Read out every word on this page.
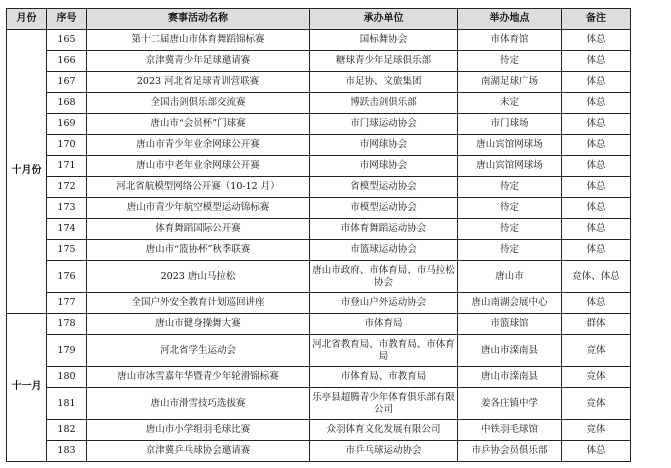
月份	序号	赛事活动名称	承办单位	举办地点	备注
十月份	165	第十二届唐山市体育舞蹈锦标赛	国标舞协会	市体育馆	体总
	166	京津冀青少年足球邀请赛	糖球青少年足球俱乐部	待定	体总
	167	2023 河北省足球青训营联赛	市足协、文旅集团	南湖足球广场	体总
	168	全国击剑俱乐部交流赛	博跃击剑俱乐部	未定	体总
	169	唐山市“会员杯”门球赛	市门球运动协会	市门球场	体总
	170	唐山市青少年业余网球公开赛	市网球协会	唐山宾馆网球场	体总
	171	唐山市中老年业余网球公开赛	市网球协会	唐山宾馆网球场	体总
	172	河北省航模型网络公开赛（10-12 月）	省模型运动协会	待定	体总
	173	唐山市青少年航空模型运动锦标赛	市模型运动协会	待定	体总
	174	体育舞蹈国际公开赛	市体育舞蹈运动协会	待定	体总
	175	唐山市“篮协杯”秋季联赛	市篮球运动协会	待定	体总
	176	2023 唐山马拉松	唐山市政府、市体育局、市马拉松协会	唐山市	竞体、体总
	177	全国户外安全教育计划巡回讲座	市登山户外运动协会	唐山南湖会展中心	体总
十一月	178	唐山市健身操舞大赛	市体育局	市篮球馆	群体
	179	河北省学生运动会	河北省教育局、市教育局、市体育局	唐山市滦南县	竞体
	180	唐山市冰雪嘉年华暨青少年轮滑锦标赛	市体育局、市教育局	唐山市滦南县	竞体
	181	唐山市滑雪技巧选拔赛	乐亭县超腾青少年体育俱乐部有限公司	姜各庄镇中学	竞体
	182	唐山市小学组羽毛球比赛	众羽体育文化发展有限公司	中铁羽毛球馆	竞体
	183	京津冀乒乓球协会邀请赛	市乒乓球运动协会	市乒协会员俱乐部	体总
